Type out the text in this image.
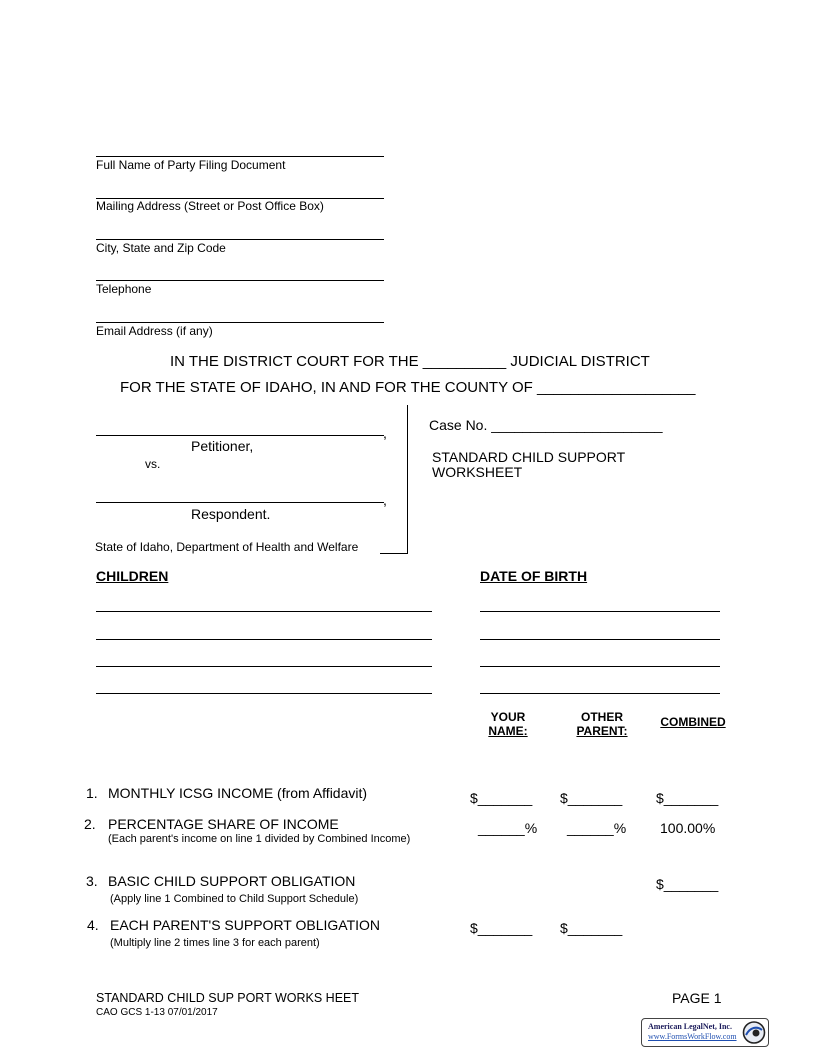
Full Name of Party Filing Document
Mailing Address (Street or Post Office Box)
City, State and Zip Code
Telephone
Email Address (if any)
IN THE DISTRICT COURT FOR THE __________ JUDICIAL DISTRICT
FOR THE STATE OF IDAHO, IN AND FOR THE COUNTY OF ___________________
,
Petitioner,
vs.
,
Respondent.
State of Idaho, Department of Health and Welfare
Case No. ______________________
STANDARD CHILD SUPPORT
WORKSHEET
CHILDREN	DATE OF BIRTH
YOUR
NAME:
OTHER
PARENT:
COMBINED
1. MONTHLY ICSG INCOME (from Affidavit)	$_______ $_______ $_______
2. PERCENTAGE SHARE OF INCOME
(Each parent's income on line 1 divided by Combined Income)
______% ______% 100.00%
3. BASIC CHILD SUPPORT OBLIGATION
(Apply line 1 Combined to Child Support Schedule)
$_______
4. EACH PARENT'S SUPPORT OBLIGATION
(Multiply line 2 times line 3 for each parent)
$_______ $_______
STANDARD CHILD SUP PORT WORKS HEET
CAO GCS 1-13 07/01/2017
PAGE 1
American LegalNet, Inc.
www.FormsWorkFlow.com
